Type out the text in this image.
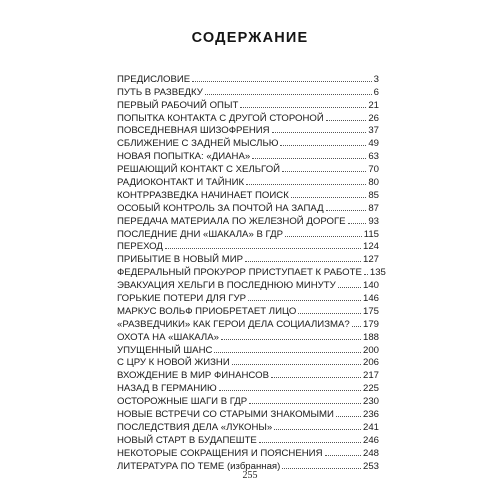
СОДЕРЖАНИЕ
ПРЕДИСЛОВИЕ	3
ПУТЬ В РАЗВЕДКУ	6
ПЕРВЫЙ РАБОЧИЙ ОПЫТ	21
ПОПЫТКА КОНТАКТА С ДРУГОЙ СТОРОНОЙ	26
ПОВСЕДНЕВНАЯ ШИЗОФРЕНИЯ	37
СБЛИЖЕНИЕ С ЗАДНЕЙ МЫСЛЬЮ	49
НОВАЯ ПОПЫТКА: «ДИАНА»	63
РЕШАЮЩИЙ КОНТАКТ С ХЕЛЬГОЙ	70
РАДИОКОНТАКТ И ТАЙНИК	80
КОНТРРАЗВЕДКА НАЧИНАЕТ ПОИСК	85
ОСОБЫЙ КОНТРОЛЬ ЗА ПОЧТОЙ НА ЗАПАД	87
ПЕРЕДАЧА МАТЕРИАЛА ПО ЖЕЛЕЗНОЙ ДОРОГЕ 93
ПОСЛЕДНИЕ ДНИ «ШАКАЛА» В ГДР	115
ПЕРЕХОД	124
ПРИБЫТИЕ В НОВЫЙ МИР	127
ФЕДЕРАЛЬНЫЙ ПРОКУРОР ПРИСТУПАЕТ К РАБОТЕ 135
ЭВАКУАЦИЯ ХЕЛЬГИ В ПОСЛЕДНЮЮ МИНУТУ	140
ГОРЬКИЕ ПОТЕРИ ДЛЯ ГУР	146
МАРКУС ВОЛЬФ ПРИОБРЕТАЕТ ЛИЦО	175
«РАЗВЕДЧИКИ» КАК ГЕРОИ ДЕЛА СОЦИАЛИЗМА? 179
ОХОТА НА «ШАКАЛА»	188
УПУЩЕННЫЙ ШАНС	200
С ЦРУ К НОВОЙ ЖИЗНИ	206
ВХОЖДЕНИЕ В МИР ФИНАНСОВ	217
НАЗАД В ГЕРМАНИЮ	225
ОСТОРОЖНЫЕ ШАГИ В ГДР	230
НОВЫЕ ВСТРЕЧИ СО СТАРЫМИ ЗНАКОМЫМИ	236
ПОСЛЕДСТВИЯ ДЕЛА «ЛУКОНЫ»	241
НОВЫЙ СТАРТ В БУДАПЕШТЕ	246
НЕКОТОРЫЕ СОКРАЩЕНИЯ И ПОЯСНЕНИЯ	248
ЛИТЕРАТУРА ПО ТЕМЕ (избранная)	253
255
